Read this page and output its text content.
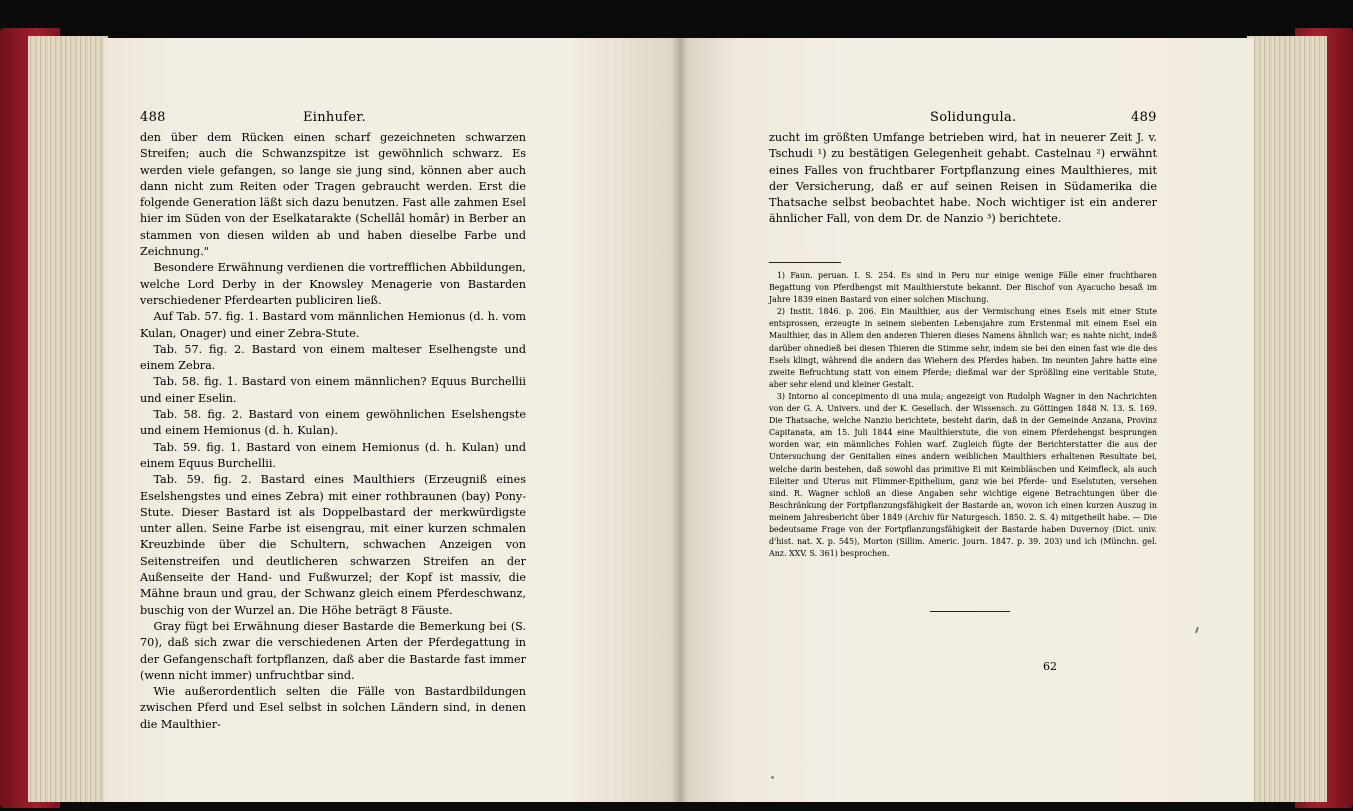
488	Einhufer.

den über dem Rücken einen scharf gezeichneten schwarzen Streifen; auch die Schwanzspitze ist gewöhnlich schwarz. Es werden viele gefangen, so lange sie jung sind, können aber auch dann nicht zum Reiten oder Tragen gebraucht werden. Erst die folgende Generation läßt sich dazu benutzen. Fast alle zahmen Esel hier im Süden von der Eselkatarakte (Schellâl homâr) in Berber an stammen von diesen wilden ab und haben dieselbe Farbe und Zeichnung."

Besondere Erwähnung verdienen die vortrefflichen Abbildungen, welche Lord Derby in der Knowsley Menagerie von Bastarden verschiedener Pferdearten publiciren ließ.

Auf Tab. 57. fig. 1. Bastard vom männlichen Hemionus (d. h. vom Kulan, Onager) und einer Zebra-Stute.

Tab. 57. fig. 2. Bastard von einem malteser Eselhengste und einem Zebra.

Tab. 58. fig. 1. Bastard von einem männlichen? Equus Burchellii und einer Eselin.

Tab. 58. fig. 2. Bastard von einem gewöhnlichen Eselshengste und einem Hemionus (d. h. Kulan).

Tab. 59. fig. 1. Bastard von einem Hemionus (d. h. Kulan) und einem Equus Burchellii.

Tab. 59. fig. 2. Bastard eines Maulthiers (Erzeugniß eines Eselshengstes und eines Zebra) mit einer rothbraunen (bay) Pony-Stute. Dieser Bastard ist als Doppelbastard der merkwürdigste unter allen. Seine Farbe ist eisengrau, mit einer kurzen schmalen Kreuzbinde über die Schultern, schwachen Anzeigen von Seitenstreifen und deutlicheren schwarzen Streifen an der Außenseite der Hand- und Fußwurzel; der Kopf ist massiv, die Mähne braun und grau, der Schwanz gleich einem Pferdeschwanz, buschig von der Wurzel an. Die Höhe beträgt 8 Fäuste.

Gray fügt bei Erwähnung dieser Bastarde die Bemerkung bei (S. 70), daß sich zwar die verschiedenen Arten der Pferdegattung in der Gefangenschaft fortpflanzen, daß aber die Bastarde fast immer (wenn nicht immer) unfruchtbar sind.

Wie außerordentlich selten die Fälle von Bastardbildungen zwischen Pferd und Esel selbst in solchen Ländern sind, in denen die Maulthier-

Solidungula.	489

zucht im größten Umfange betrieben wird, hat in neuerer Zeit J. v. Tschudi ¹) zu bestätigen Gelegenheit gehabt. Castelnau ²) erwähnt eines Falles von fruchtbarer Fortpflanzung eines Maulthieres, mit der Versicherung, daß er auf seinen Reisen in Südamerika die Thatsache selbst beobachtet habe. Noch wichtiger ist ein anderer ähnlicher Fall, von dem Dr. de Nanzio ³) berichtete.

1) Faun. peruan. I. S. 254. Es sind in Peru nur einige wenige Fälle einer fruchtbaren Begattung von Pferdhengst mit Maulthierstute bekannt. Der Bischof von Ayacucho besaß im Jahre 1839 einen Bastard von einer solchen Mischung.

2) Instit. 1846. p. 206. Ein Maulthier, aus der Vermischung eines Esels mit einer Stute entsprossen, erzeugte in seinem siebenten Lebensjahre zum Erstenmal mit einem Esel ein Maulthier, das in Allem den anderen Thieren dieses Namens ähnlich war; es nahte nicht, indeß darüber ohnedieß bei diesen Thieren die Stimme sehr, indem sie bei den einen fast wie die des Esels klingt, während die andern das Wiehern des Pferdes haben. Im neunten Jahre hatte eine zweite Befruchtung statt von einem Pferde; dießmal war der Sprößling eine veritable Stute, aber sehr elend und kleiner Gestalt.

3) Intorno al concepimento di una mula; angezeigt von Rudolph Wagner in den Nachrichten von der G. A. Univers. und der K. Gesellsch. der Wissensch. zu Göttingen 1848 N. 13. S. 169. Die Thatsache, welche Nanzio berichtete, besteht darin, daß in der Gemeinde Anzana, Provinz Capitanata, am 15. Juli 1844 eine Maulthierstute, die von einem Pferdehengst besprungen worden war, ein männliches Fohlen warf. Zugleich fügte der Berichterstatter die aus der Untersuchung der Genitalien eines andern weiblichen Maulthiers erhaltenen Resultate bei, welche darin bestehen, daß sowohl das primitive Ei mit Keimbläschen und Keimfleck, als auch Eileiter und Uterus mit Flimmer-Epithelium, ganz wie bei Pferde- und Eselstuten, versehen sind. R. Wagner schloß an diese Angaben sehr wichtige eigene Betrachtungen über die Beschränkung der Fortpflanzungsfähigkeit der Bastarde an, wovon ich einen kurzen Auszug in meinem Jahresbericht über 1849 (Archiv für Naturgesch. 1850. 2. S. 4) mitgetheilt habe. — Die bedeutsame Frage von der Fortpflanzungsfähigkeit der Bastarde haben Duvernoy (Dict. univ. d'hist. nat. X. p. 545), Morton (Sillim. Americ. Journ. 1847. p. 39. 203) und ich (Münchn. gel. Anz. XXV. S. 361) besprochen.

62
